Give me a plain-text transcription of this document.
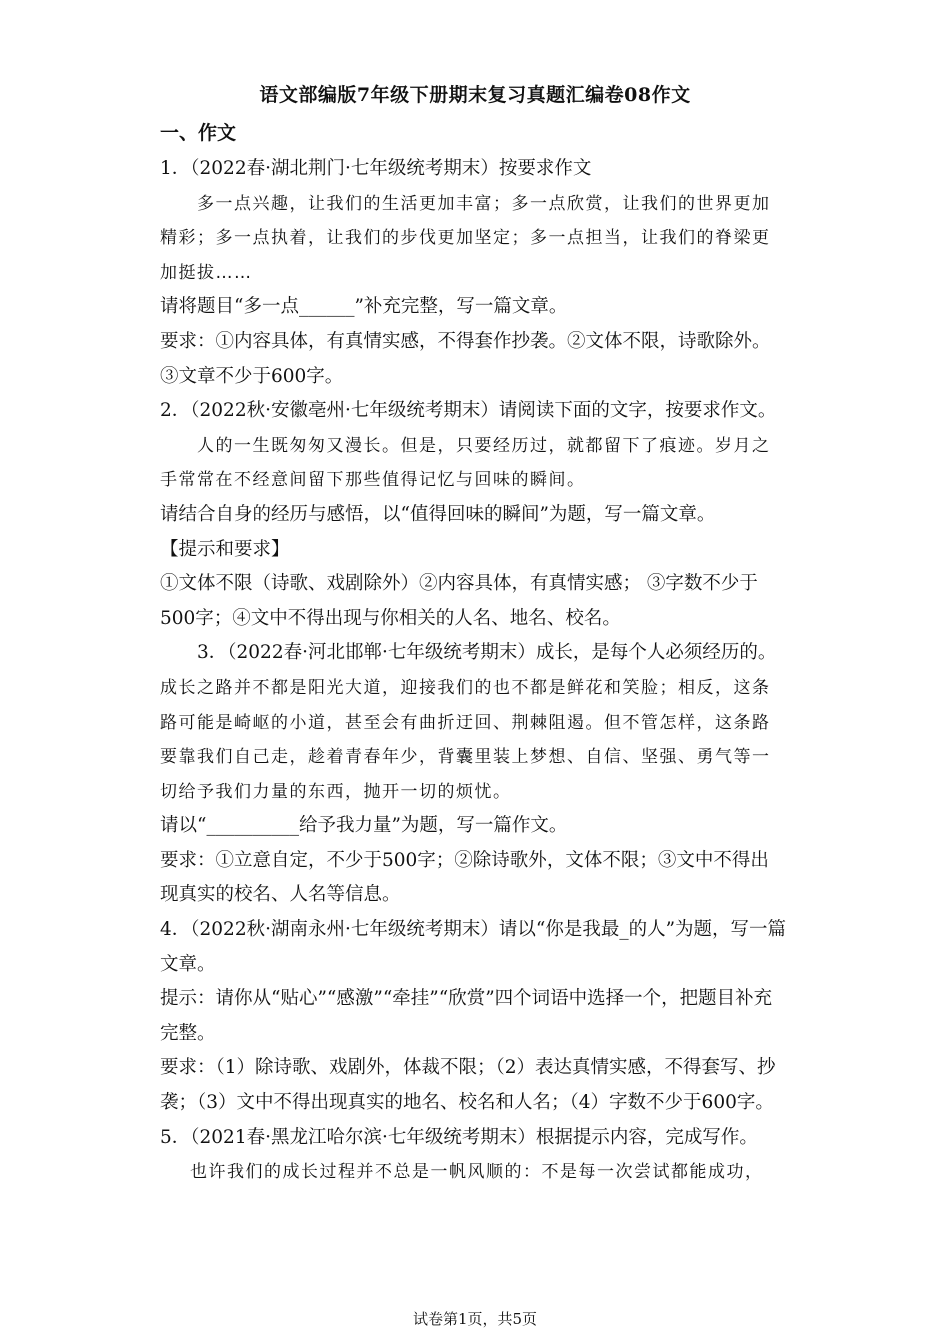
语文部编版7年级下册期末复习真题汇编卷08作文
一、作文
1．（2022春·湖北荆门·七年级统考期末）按要求作文
多一点兴趣，让我们的生活更加丰富；多一点欣赏，让我们的世界更加
精彩；多一点执着，让我们的步伐更加坚定；多一点担当，让我们的脊梁更
加挺拔……
请将题目“多一点______”补充完整，写一篇文章。
要求：①内容具体，有真情实感，不得套作抄袭。②文体不限，诗歌除外。
③文章不少于600字。
2．（2022秋·安徽亳州·七年级统考期末）请阅读下面的文字，按要求作文。
人的一生既匆匆又漫长。但是，只要经历过，就都留下了痕迹。岁月之
手常常在不经意间留下那些值得记忆与回味的瞬间。
请结合自身的经历与感悟，以“值得回味的瞬间”为题，写一篇文章。
【提示和要求】
①文体不限（诗歌、戏剧除外）②内容具体，有真情实感； ③字数不少于
500字；④文中不得出现与你相关的人名、地名、校名。
3．（2022春·河北邯郸·七年级统考期末）成长，是每个人必须经历的。
成长之路并不都是阳光大道，迎接我们的也不都是鲜花和笑脸；相反，这条
路可能是崎岖的小道，甚至会有曲折迂回、荆棘阻遏。但不管怎样，这条路
要靠我们自己走，趁着青春年少，背囊里装上梦想、自信、坚强、勇气等一
切给予我们力量的东西，抛开一切的烦忧。
请以“__________给予我力量”为题，写一篇作文。
要求：①立意自定，不少于500字；②除诗歌外，文体不限；③文中不得出
现真实的校名、人名等信息。
4．（2022秋·湖南永州·七年级统考期末）请以“你是我最_的人”为题，写一篇
文章。
提示：请你从“贴心”“感激”“牵挂”“欣赏”四个词语中选择一个，把题目补充
完整。
要求：（1）除诗歌、戏剧外，体裁不限；（2）表达真情实感，不得套写、抄
袭；（3）文中不得出现真实的地名、校名和人名；（4）字数不少于600字。
5．（2021春·黑龙江哈尔滨·七年级统考期末）根据提示内容，完成写作。
也许我们的成长过程并不总是一帆风顺的：不是每一次尝试都能成功，
试卷第1页，共5页
